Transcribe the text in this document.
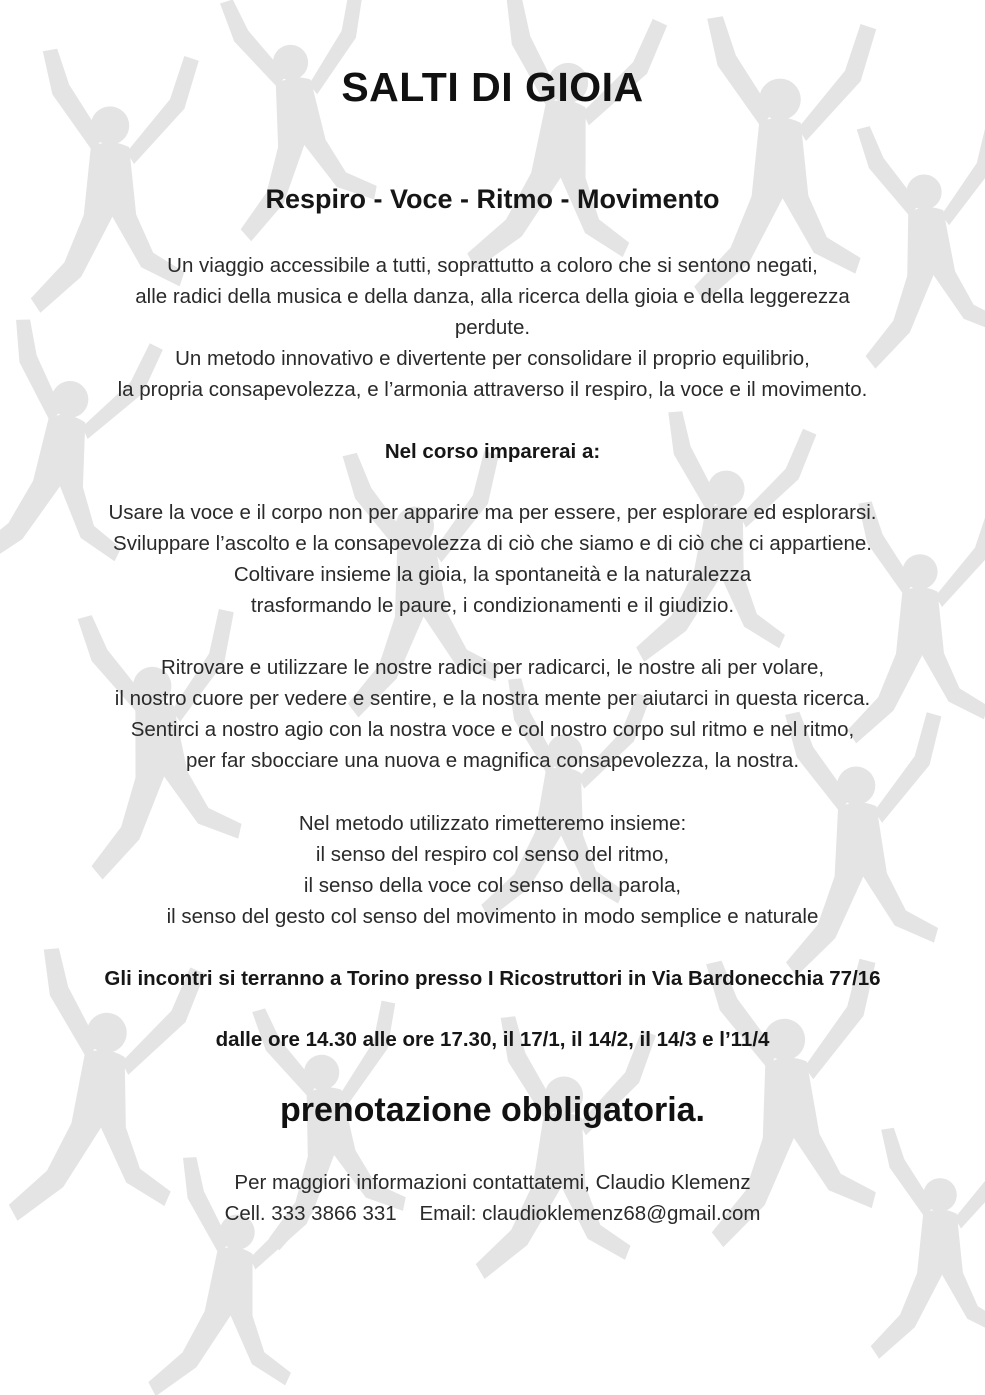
SALTI DI GIOIA
Respiro - Voce - Ritmo - Movimento
Un viaggio accessibile a tutti, soprattutto a coloro che si sentono negati,
alle radici della musica e della danza, alla ricerca della gioia e della leggerezza
perdute.
Un metodo innovativo e divertente per consolidare il proprio equilibrio,
la propria consapevolezza, e l’armonia attraverso il respiro, la voce e il movimento.
Nel corso imparerai a:
Usare la voce e il corpo non per apparire ma per essere, per esplorare ed esplorarsi.
Sviluppare l’ascolto e la consapevolezza di ciò che siamo e di ciò che ci appartiene.
Coltivare insieme la gioia, la spontaneità e la naturalezza
trasformando le paure, i condizionamenti e il giudizio.
Ritrovare e utilizzare le nostre radici per radicarci, le nostre ali per volare,
il nostro cuore per vedere e sentire, e la nostra mente per aiutarci in questa ricerca.
Sentirci a nostro agio con la nostra voce e col nostro corpo sul ritmo e nel ritmo,
per far sbocciare una nuova e magnifica consapevolezza, la nostra.
Nel metodo utilizzato rimetteremo insieme:
il senso del respiro col senso del ritmo,
il senso della voce col senso della parola,
il senso del gesto col senso del movimento in modo semplice e naturale
Gli incontri si terranno a Torino presso I Ricostruttori in Via Bardonecchia 77/16
dalle ore 14.30 alle ore 17.30, il 17/1, il 14/2, il 14/3 e l’11/4
prenotazione obbligatoria.
Per maggiori informazioni contattatemi, Claudio Klemenz
Cell. 333 3866 331    Email: claudioklemenz68@gmail.com
